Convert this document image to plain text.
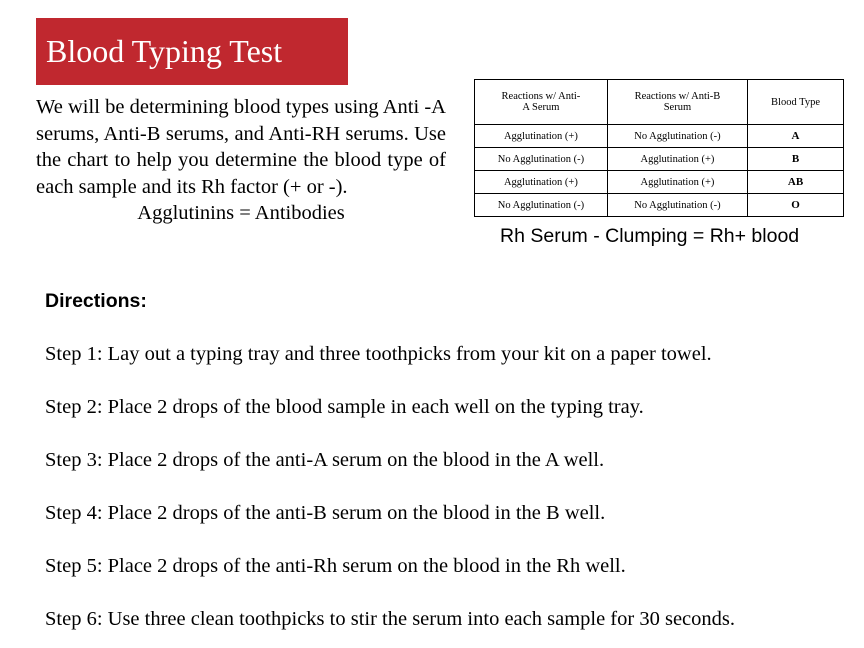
Blood Typing Test
We will be determining blood types using Anti -A serums, Anti-B serums, and Anti-RH serums. Use the chart to help you determine the blood type of each sample and its Rh factor (+ or -).
Agglutinins = Antibodies
Reactions w/ Anti-A Serum	Reactions w/ Anti-B Serum	Blood Type
Agglutination (+)	No Agglutination (-)	A
No Agglutination (-)	Agglutination (+)	B
Agglutination (+)	Agglutination (+)	AB
No Agglutination (-)	No Agglutination (-)	O
Rh Serum - Clumping = Rh+ blood
Directions:
Step 1: Lay out a typing tray and three toothpicks from your kit on a paper towel.
Step 2: Place 2 drops of the blood sample in each well on the typing tray.
Step 3: Place 2 drops of the anti-A serum on the blood in the A well.
Step 4: Place 2 drops of the anti-B serum on the blood in the B well.
Step 5: Place 2 drops of the anti-Rh serum on the blood in the Rh well.
Step 6: Use three clean toothpicks to stir the serum into each sample for 30 seconds.
